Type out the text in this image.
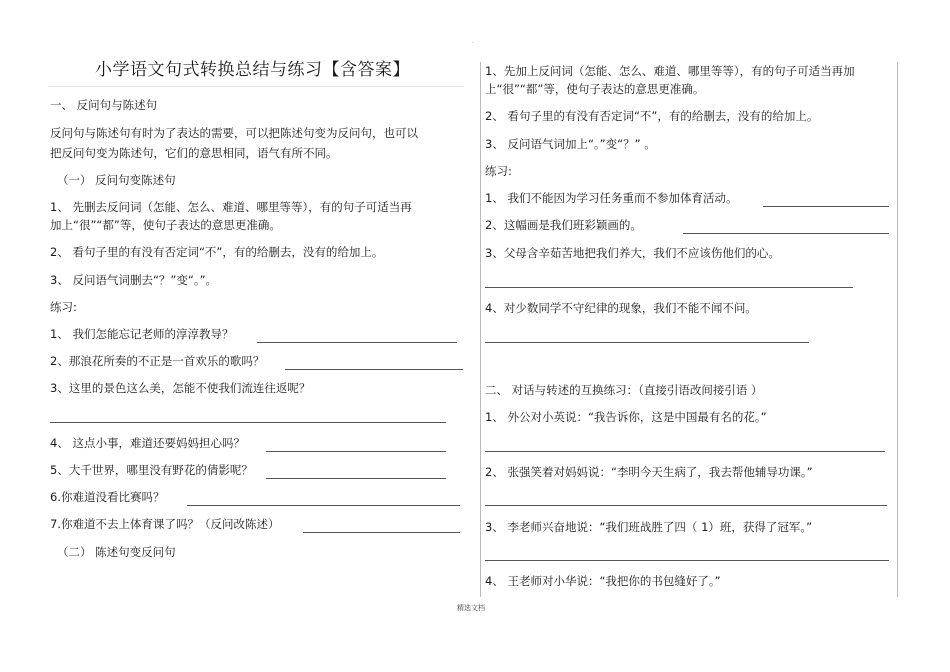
·
小学语文句式转换总结与练习【含答案】
一、 反问句与陈述句
反问句与陈述句有时为了表达的需要，可以把陈述句变为反问句，也可以
把反问句变为陈述句，它们的意思相同，语气有所不同。
（一） 反问句变陈述句
1、 先删去反问词（怎能、怎么、难道、哪里等等），有的句子可适当再
加上“很”“都”等，使句子表达的意思更准确。
2、 看句子里的有没有否定词“不”，有的给删去，没有的给加上。
3、 反问语气词删去“？”变“。”。
练习:
1、 我们怎能忘记老师的淳淳教导？
2、那浪花所奏的不正是一首欢乐的歌吗？
3、这里的景色这么美，怎能不使我们流连往返呢？
4、 这点小事，难道还要妈妈担心吗？
5、大千世界，哪里没有野花的倩影呢？
6.你难道没看比赛吗？
7.你难道不去上体育课了吗？（反问改陈述）
（二） 陈述句变反问句
1、先加上反问词（怎能、怎么、难道、哪里等等），有的句子可适当再加
上“很”“都”等，使句子表达的意思更准确。
2、 看句子里的有没有否定词“不”，有的给删去，没有的给加上。
3、 反问语气词加上“。”变“？” 。
练习:
1、 我们不能因为学习任务重而不参加体育活动。
2、这幅画是我们班彩颖画的。
3、父母含辛茹苦地把我们养大，我们不应该伤他们的心。
4、对少数同学不守纪律的现象，我们不能不闻不问。
二、 对话与转述的互换练习：（直接引语改间接引语 ）
1、 外公对小英说：“我告诉你，这是中国最有名的花。”
2、 张强笑着对妈妈说：“李明今天生病了，我去帮他辅导功课。”
3、 李老师兴奋地说：“我们班战胜了四（ 1）班，获得了冠军。”
4、 王老师对小华说：“我把你的书包缝好了。”
精选文档
